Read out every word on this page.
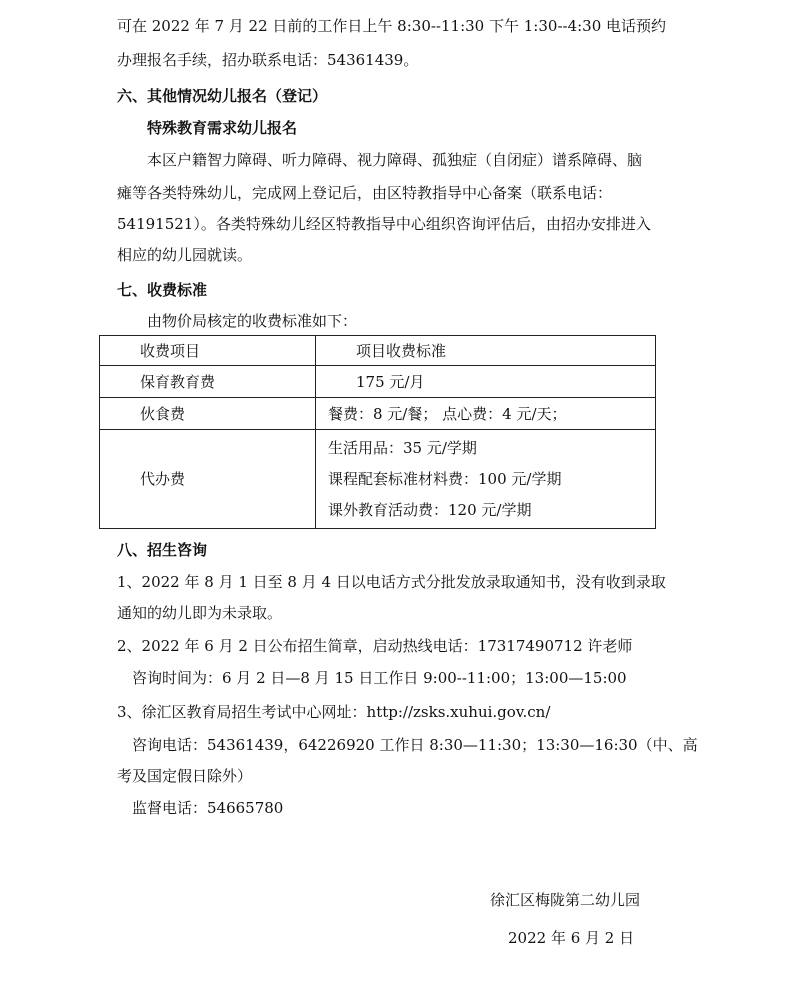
可在 2022 年 7 月 22 日前的工作日上午 8:30--11:30 下午 1:30--4:30 电话预约
办理报名手续，招办联系电话：54361439。
六、其他情况幼儿报名（登记）
特殊教育需求幼儿报名
本区户籍智力障碍、听力障碍、视力障碍、孤独症（自闭症）谱系障碍、脑
瘫等各类特殊幼儿，完成网上登记后，由区特教指导中心备案（联系电话：
54191521）。各类特殊幼儿经区特教指导中心组织咨询评估后，由招办安排进入
相应的幼儿园就读。
七、收费标准
由物价局核定的收费标准如下：
收费项目	项目收费标准
保育教育费	175 元/月
伙食费	餐费：8 元/餐； 点心费：4 元/天；
代办费	生活用品：35 元/学期
课程配套标准材料费：100 元/学期
课外教育活动费：120 元/学期
八、招生咨询
1、2022 年 8 月 1 日至 8 月 4 日以电话方式分批发放录取通知书，没有收到录取
通知的幼儿即为未录取。
2、2022 年 6 月 2 日公布招生简章，启动热线电话：17317490712 许老师
咨询时间为：6 月 2 日—8 月 15 日工作日 9:00--11:00；13:00—15:00
3、徐汇区教育局招生考试中心网址：http://zsks.xuhui.gov.cn/
咨询电话：54361439，64226920 工作日 8:30—11:30；13:30—16:30（中、高
考及国定假日除外）
监督电话：54665780
徐汇区梅陇第二幼儿园
2022 年 6 月 2 日
